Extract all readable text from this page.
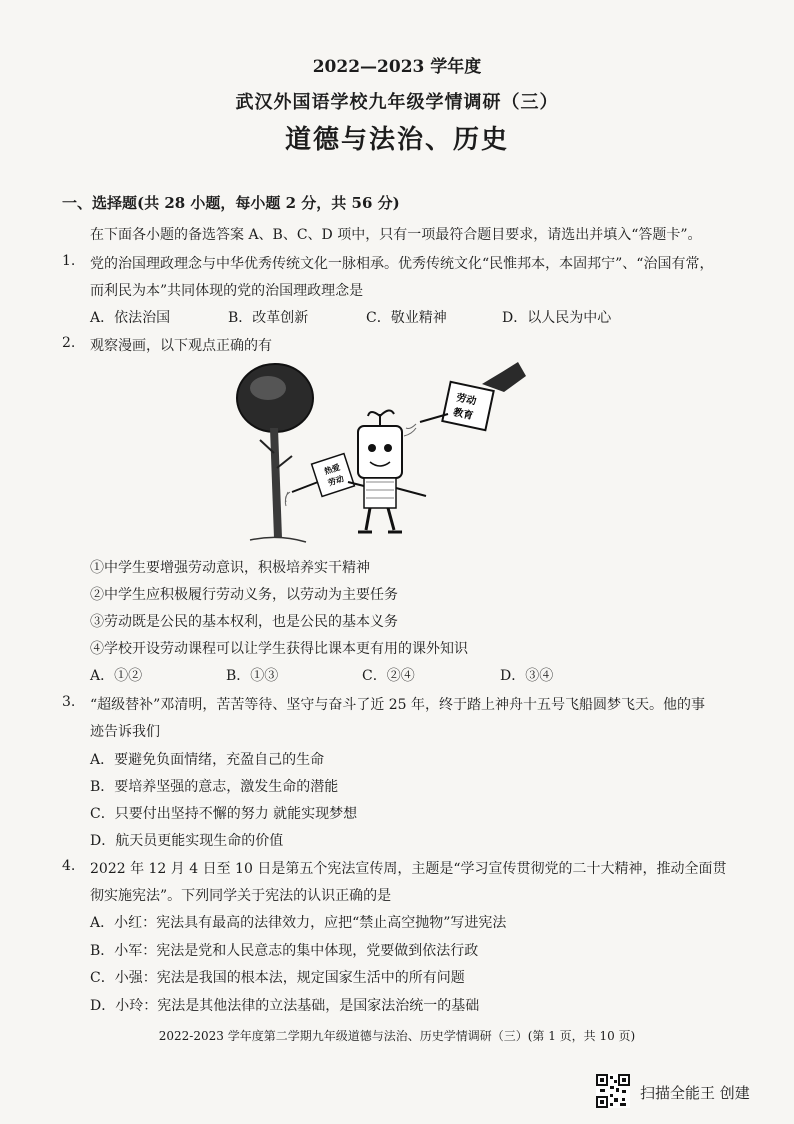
2022—2023 学年度
武汉外国语学校九年级学情调研（三）
道德与法治、历史
一、选择题(共 28 小题，每小题 2 分，共 56 分)
在下面各小题的备选答案 A、B、C、D 项中，只有一项最符合题目要求，请选出并填入“答题卡”。
1. 党的治国理政理念与中华优秀传统文化一脉相承。优秀传统文化“民惟邦本，本固邦宁”、“治国有常，
而利民为本”共同体现的党的治国理政理念是
A．依法治国	B．改革创新	C．敬业精神	D．以人民为中心
2. 观察漫画，以下观点正确的有
热爱
劳动
劳动
教育
①中学生要增强劳动意识，积极培养实干精神
②中学生应积极履行劳动义务，以劳动为主要任务
③劳动既是公民的基本权利，也是公民的基本义务
④学校开设劳动课程可以让学生获得比课本更有用的课外知识
A．①②	B．①③	C．②④	D．③④
3. “超级替补”邓清明，苦苦等待、坚守与奋斗了近 25 年，终于踏上神舟十五号飞船圆梦飞天。他的事
迹告诉我们
A．要避免负面情绪，充盈自己的生命
B．要培养坚强的意志，激发生命的潜能
C．只要付出坚持不懈的努力 就能实现梦想
D．航天员更能实现生命的价值
4. 2022 年 12 月 4 日至 10 日是第五个宪法宣传周，主题是“学习宣传贯彻党的二十大精神，推动全面贯
彻实施宪法”。下列同学关于宪法的认识正确的是
A．小红：宪法具有最高的法律效力，应把“禁止高空抛物”写进宪法
B．小军：宪法是党和人民意志的集中体现，党要做到依法行政
C．小强：宪法是我国的根本法，规定国家生活中的所有问题
D．小玲：宪法是其他法律的立法基础，是国家法治统一的基础
2022-2023 学年度第二学期九年级道德与法治、历史学情调研（三）(第 1 页，共 10 页)
扫描全能王 创建
